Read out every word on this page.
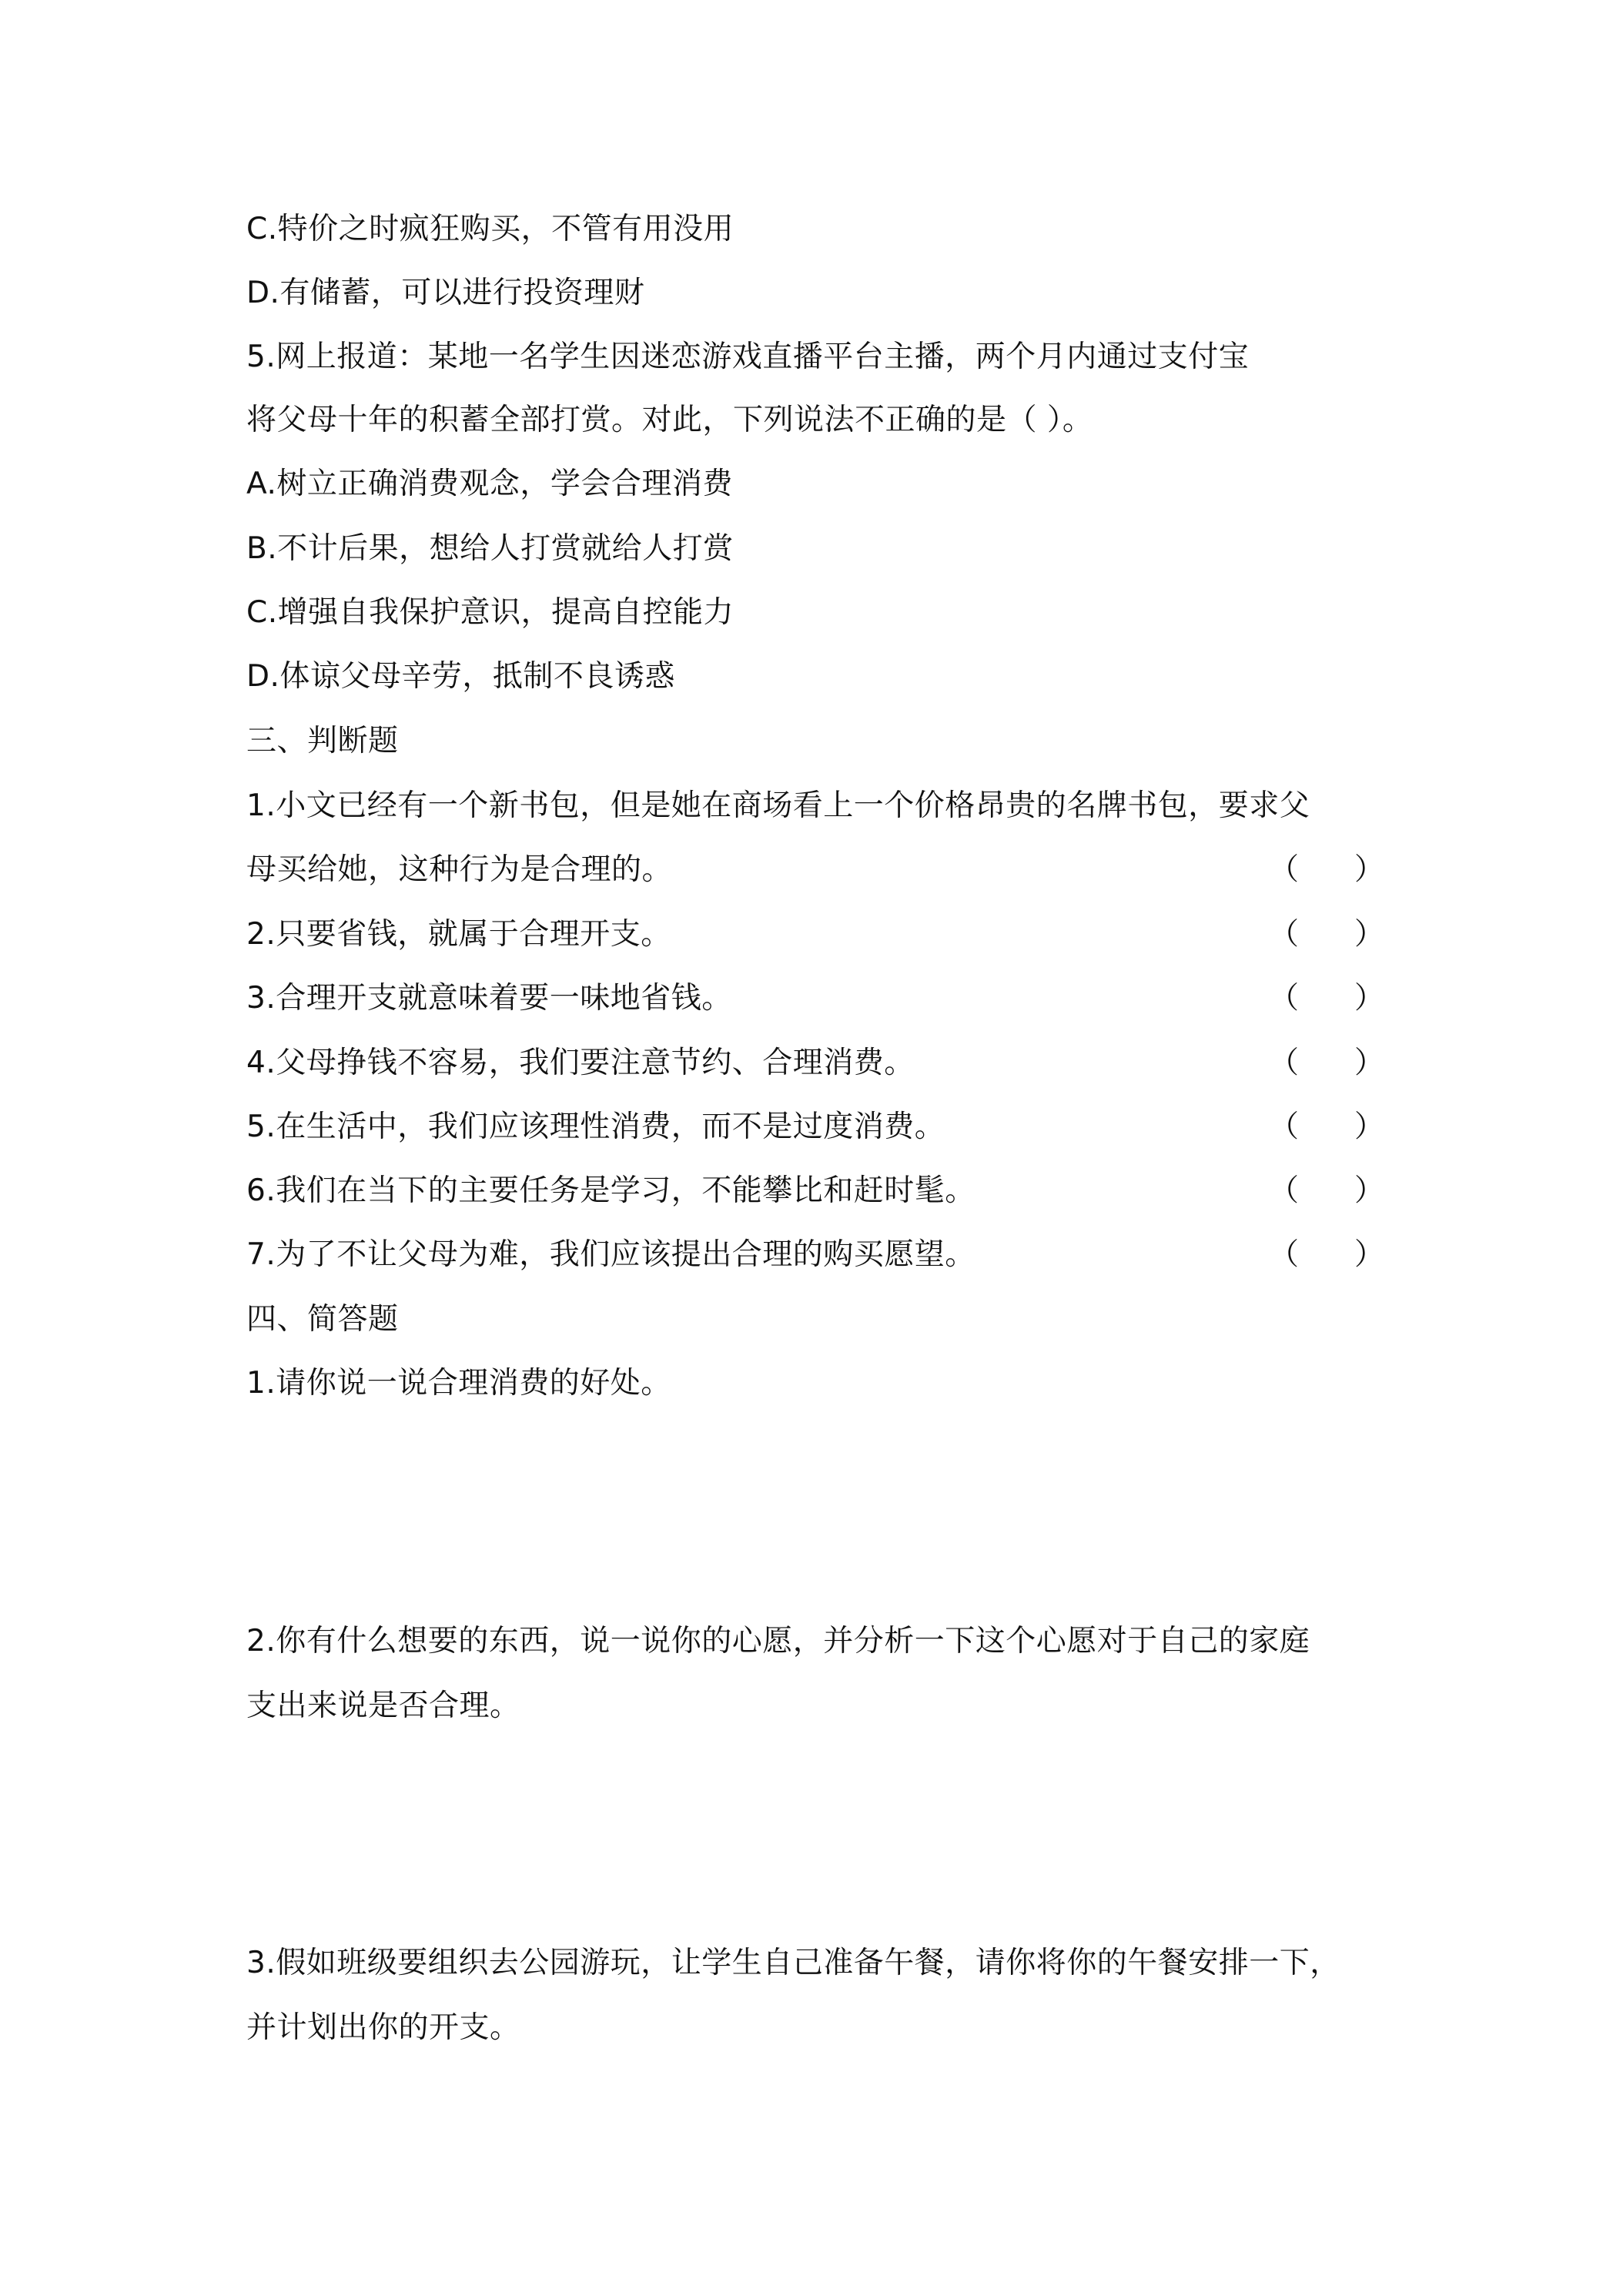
C.特价之时疯狂购买，不管有用没用
D.有储蓄，可以进行投资理财
5.网上报道：某地一名学生因迷恋游戏直播平台主播，两个月内通过支付宝
将父母十年的积蓄全部打赏。对此，下列说法不正确的是（ ）。
A.树立正确消费观念，学会合理消费
B.不计后果，想给人打赏就给人打赏
C.增强自我保护意识，提高自控能力
D.体谅父母辛劳，抵制不良诱惑
三、判断题
1.小文已经有一个新书包，但是她在商场看上一个价格昂贵的名牌书包，要求父
母买给她，这种行为是合理的。	（ ）
2.只要省钱，就属于合理开支。	（ ）
3.合理开支就意味着要一味地省钱。	（ ）
4.父母挣钱不容易，我们要注意节约、合理消费。	（ ）
5.在生活中，我们应该理性消费，而不是过度消费。	（ ）
6.我们在当下的主要任务是学习，不能攀比和赶时髦。	（ ）
7.为了不让父母为难，我们应该提出合理的购买愿望。	（ ）
四、简答题
1.请你说一说合理消费的好处。
2.你有什么想要的东西，说一说你的心愿，并分析一下这个心愿对于自己的家庭
支出来说是否合理。
3.假如班级要组织去公园游玩，让学生自己准备午餐，请你将你的午餐安排一下，
并计划出你的开支。
